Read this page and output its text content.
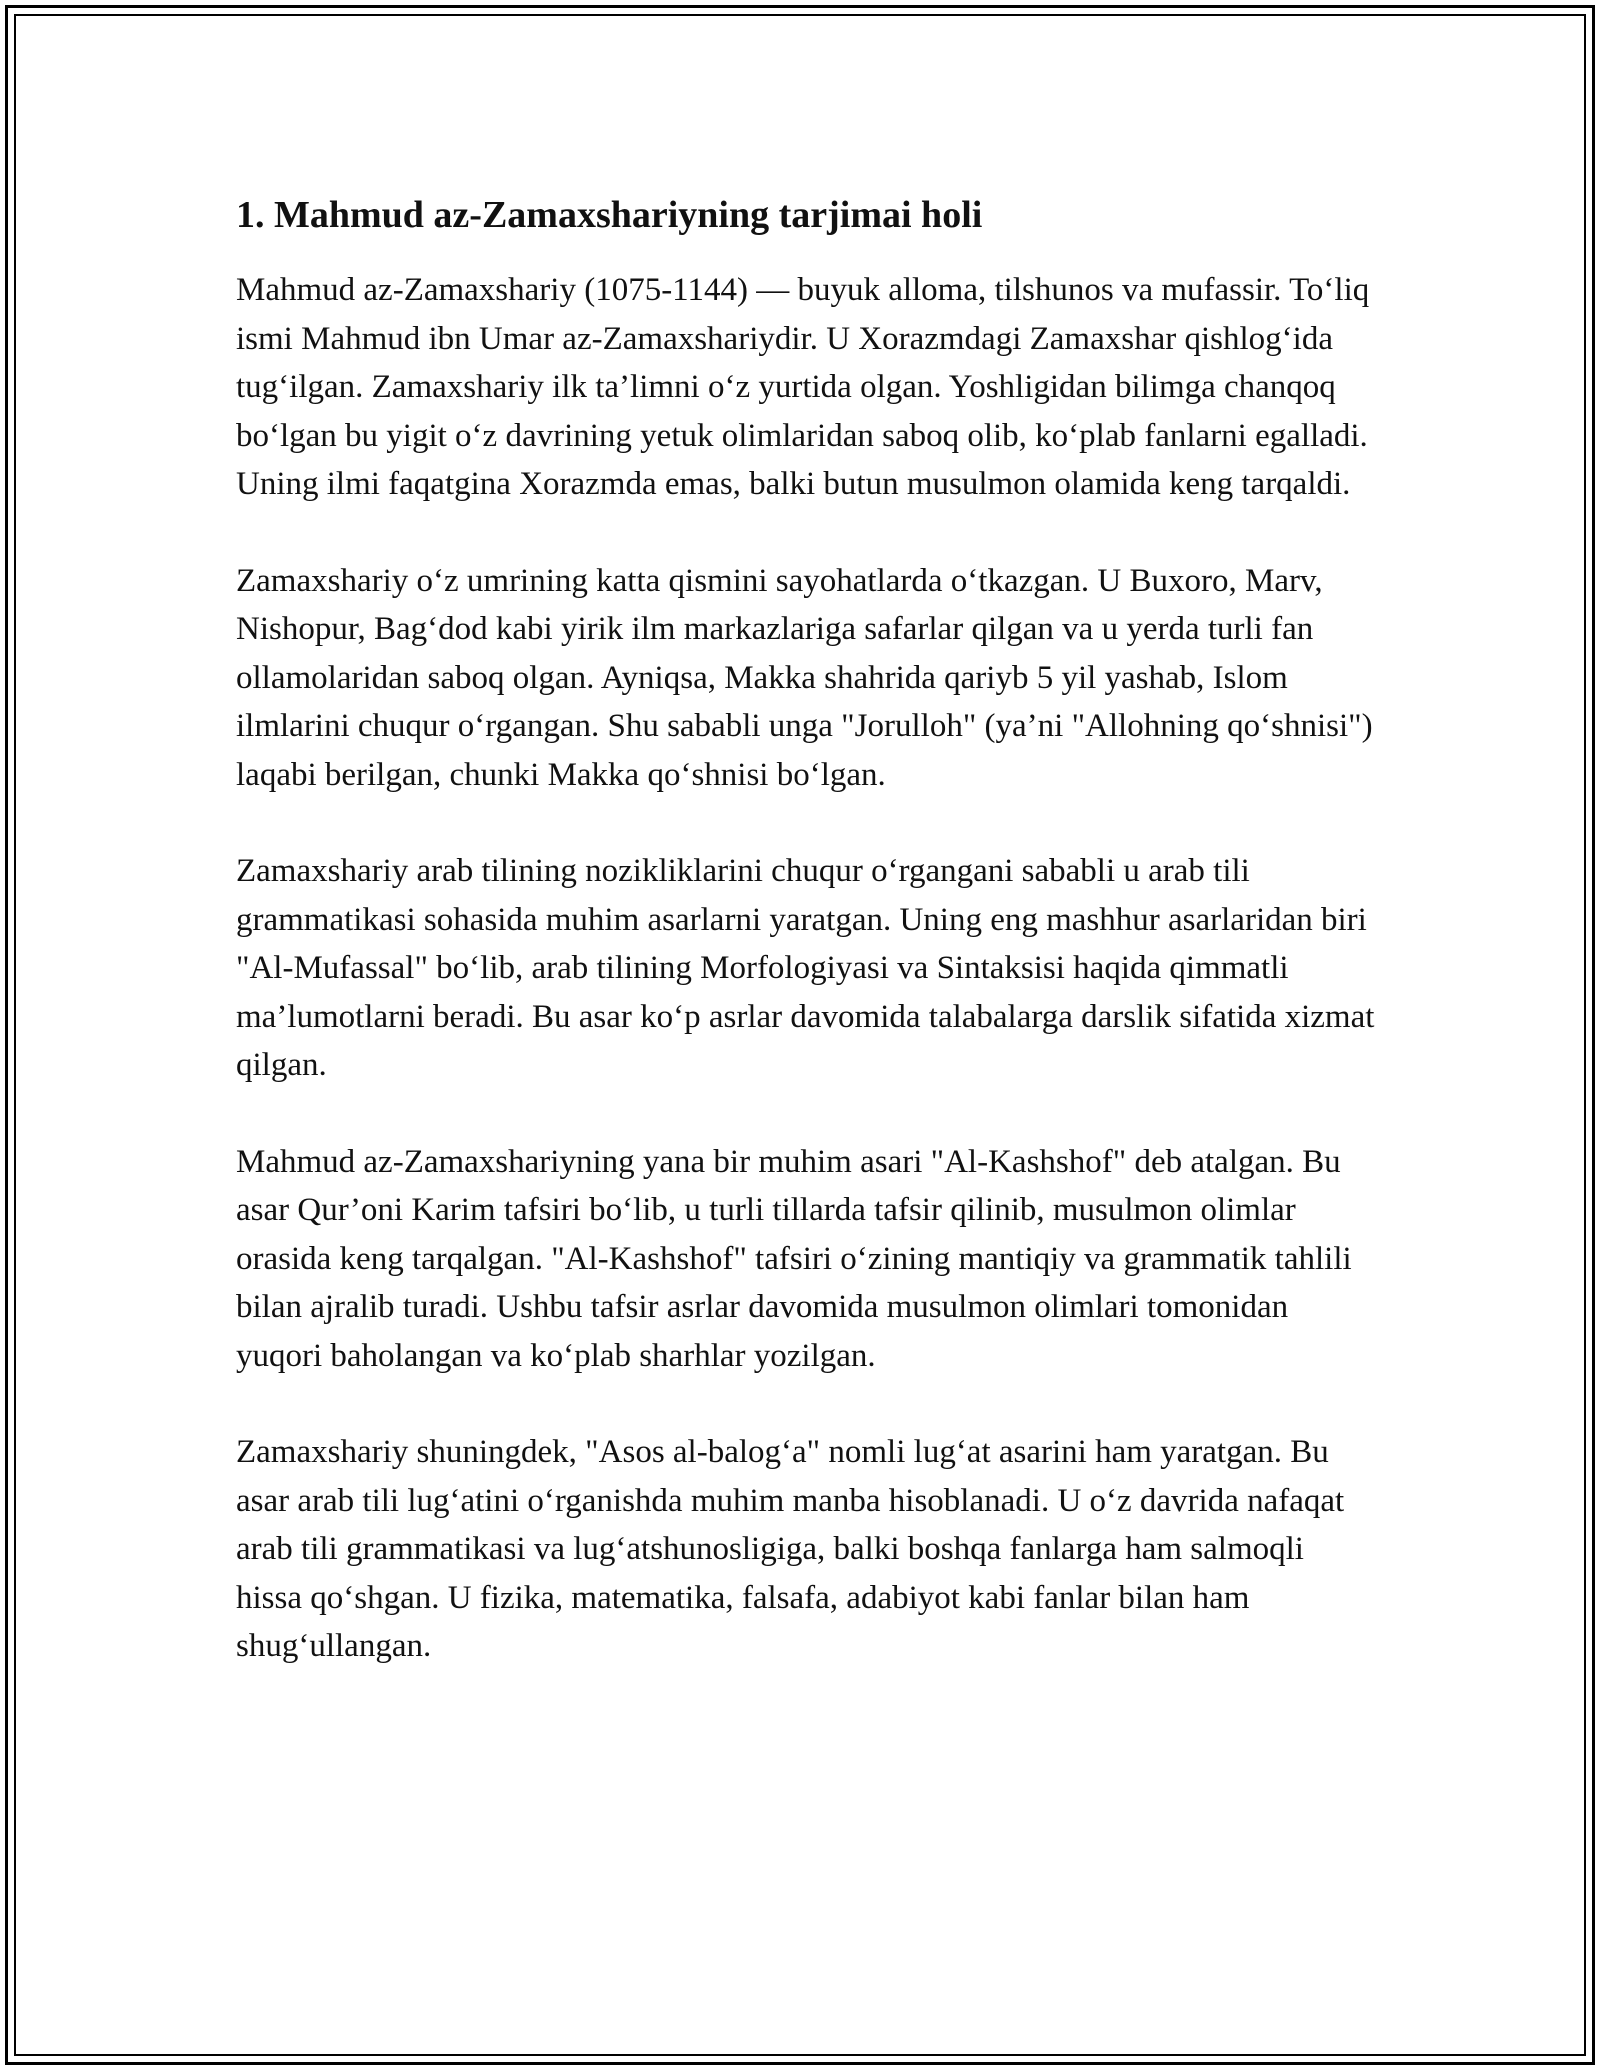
1. Mahmud az-Zamaxshariyning tarjimai holi

Mahmud az-Zamaxshariy (1075-1144) — buyuk alloma, tilshunos va mufassir. To‘liq ismi Mahmud ibn Umar az-Zamaxshariydir. U Xorazmdagi Zamaxshar qishlog‘ida tug‘ilgan. Zamaxshariy ilk ta’limni o‘z yurtida olgan. Yoshligidan bilimga chanqoq bo‘lgan bu yigit o‘z davrining yetuk olimlaridan saboq olib, ko‘plab fanlarni egalladi. Uning ilmi faqatgina Xorazmda emas, balki butun musulmon olamida keng tarqaldi.

Zamaxshariy o‘z umrining katta qismini sayohatlarda o‘tkazgan. U Buxoro, Marv, Nishopur, Bag‘dod kabi yirik ilm markazlariga safarlar qilgan va u yerda turli fan ollamolaridan saboq olgan. Ayniqsa, Makka shahrida qariyb 5 yil yashab, Islom ilmlarini chuqur o‘rgangan. Shu sababli unga "Jorulloh" (ya’ni "Allohning qo‘shnisi") laqabi berilgan, chunki Makka qo‘shnisi bo‘lgan.

Zamaxshariy arab tilining nozikliklarini chuqur o‘rgangani sababli u arab tili grammatikasi sohasida muhim asarlarni yaratgan. Uning eng mashhur asarlaridan biri "Al-Mufassal" bo‘lib, arab tilining Morfologiyasi va Sintaksisi haqida qimmatli ma’lumotlarni beradi. Bu asar ko‘p asrlar davomida talabalarga darslik sifatida xizmat qilgan.

Mahmud az-Zamaxshariyning yana bir muhim asari "Al-Kashshof" deb atalgan. Bu asar Qur’oni Karim tafsiri bo‘lib, u turli tillarda tafsir qilinib, musulmon olimlar orasida keng tarqalgan. "Al-Kashshof" tafsiri o‘zining mantiqiy va grammatik tahlili bilan ajralib turadi. Ushbu tafsir asrlar davomida musulmon olimlari tomonidan yuqori baholangan va ko‘plab sharhlar yozilgan.

Zamaxshariy shuningdek, "Asos al-balog‘a" nomli lug‘at asarini ham yaratgan. Bu asar arab tili lug‘atini o‘rganishda muhim manba hisoblanadi. U o‘z davrida nafaqat arab tili grammatikasi va lug‘atshunosligiga, balki boshqa fanlarga ham salmoqli hissa qo‘shgan. U fizika, matematika, falsafa, adabiyot kabi fanlar bilan ham shug‘ullangan.
